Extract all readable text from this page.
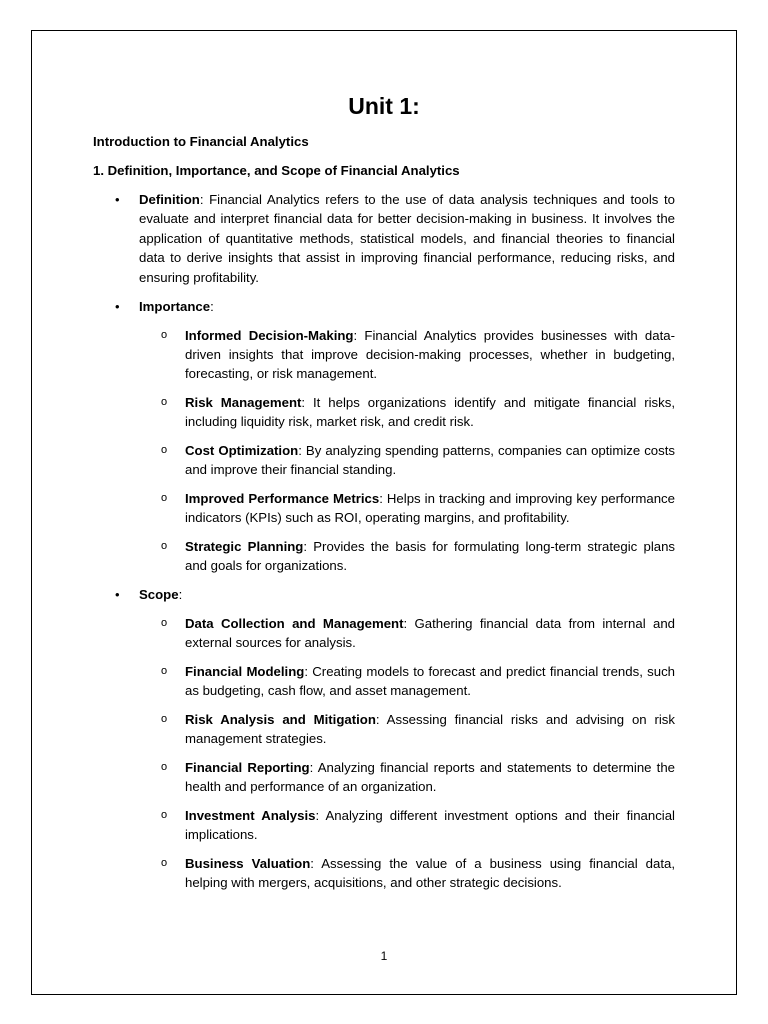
Unit 1:
Introduction to Financial Analytics
1. Definition, Importance, and Scope of Financial Analytics
• Definition: Financial Analytics refers to the use of data analysis techniques and tools to evaluate and interpret financial data for better decision-making in business. It involves the application of quantitative methods, statistical models, and financial theories to financial data to derive insights that assist in improving financial performance, reducing risks, and ensuring profitability.
• Importance:
o Informed Decision-Making: Financial Analytics provides businesses with data-driven insights that improve decision-making processes, whether in budgeting, forecasting, or risk management.
o Risk Management: It helps organizations identify and mitigate financial risks, including liquidity risk, market risk, and credit risk.
o Cost Optimization: By analyzing spending patterns, companies can optimize costs and improve their financial standing.
o Improved Performance Metrics: Helps in tracking and improving key performance indicators (KPIs) such as ROI, operating margins, and profitability.
o Strategic Planning: Provides the basis for formulating long-term strategic plans and goals for organizations.
• Scope:
o Data Collection and Management: Gathering financial data from internal and external sources for analysis.
o Financial Modeling: Creating models to forecast and predict financial trends, such as budgeting, cash flow, and asset management.
o Risk Analysis and Mitigation: Assessing financial risks and advising on risk management strategies.
o Financial Reporting: Analyzing financial reports and statements to determine the health and performance of an organization.
o Investment Analysis: Analyzing different investment options and their financial implications.
o Business Valuation: Assessing the value of a business using financial data, helping with mergers, acquisitions, and other strategic decisions.
1
